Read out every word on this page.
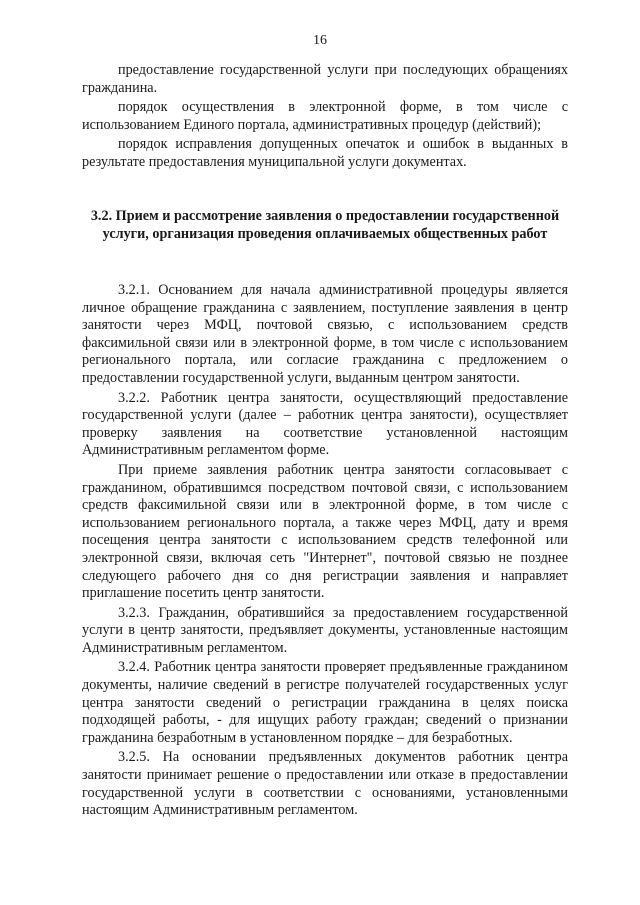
16

предоставление государственной услуги при последующих обращениях гражданина.

порядок осуществления в электронной форме, в том числе с использованием Единого портала, административных процедур (действий);

порядок исправления допущенных опечаток и ошибок в выданных в результате предоставления муниципальной услуги документах.

3.2. Прием и рассмотрение заявления о предоставлении государственной услуги, организация проведения оплачиваемых общественных работ

3.2.1. Основанием для начала административной процедуры является личное обращение гражданина с заявлением, поступление заявления в центр занятости через МФЦ, почтовой связью, с использованием средств факсимильной связи или в электронной форме, в том числе с использованием регионального портала, или согласие гражданина с предложением о предоставлении государственной услуги, выданным центром занятости.

3.2.2. Работник центра занятости, осуществляющий предоставление государственной услуги (далее – работник центра занятости), осуществляет проверку заявления на соответствие установленной настоящим Административным регламентом форме.

При приеме заявления работник центра занятости согласовывает с гражданином, обратившимся посредством почтовой связи, с использованием средств факсимильной связи или в электронной форме, в том числе с использованием регионального портала, а также через МФЦ, дату и время посещения центра занятости с использованием средств телефонной или электронной связи, включая сеть "Интернет", почтовой связью не позднее следующего рабочего дня со дня регистрации заявления и направляет приглашение посетить центр занятости.

3.2.3. Гражданин, обратившийся за предоставлением государственной услуги в центр занятости, предъявляет документы, установленные настоящим Административным регламентом.

3.2.4. Работник центра занятости проверяет предъявленные гражданином документы, наличие сведений в регистре получателей государственных услуг центра занятости сведений о регистрации гражданина в целях поиска подходящей работы, - для ищущих работу граждан; сведений о признании гражданина безработным в установленном порядке – для безработных.

3.2.5. На основании предъявленных документов работник центра занятости принимает решение о предоставлении или отказе в предоставлении государственной услуги в соответствии с основаниями, установленными настоящим Административным регламентом.
